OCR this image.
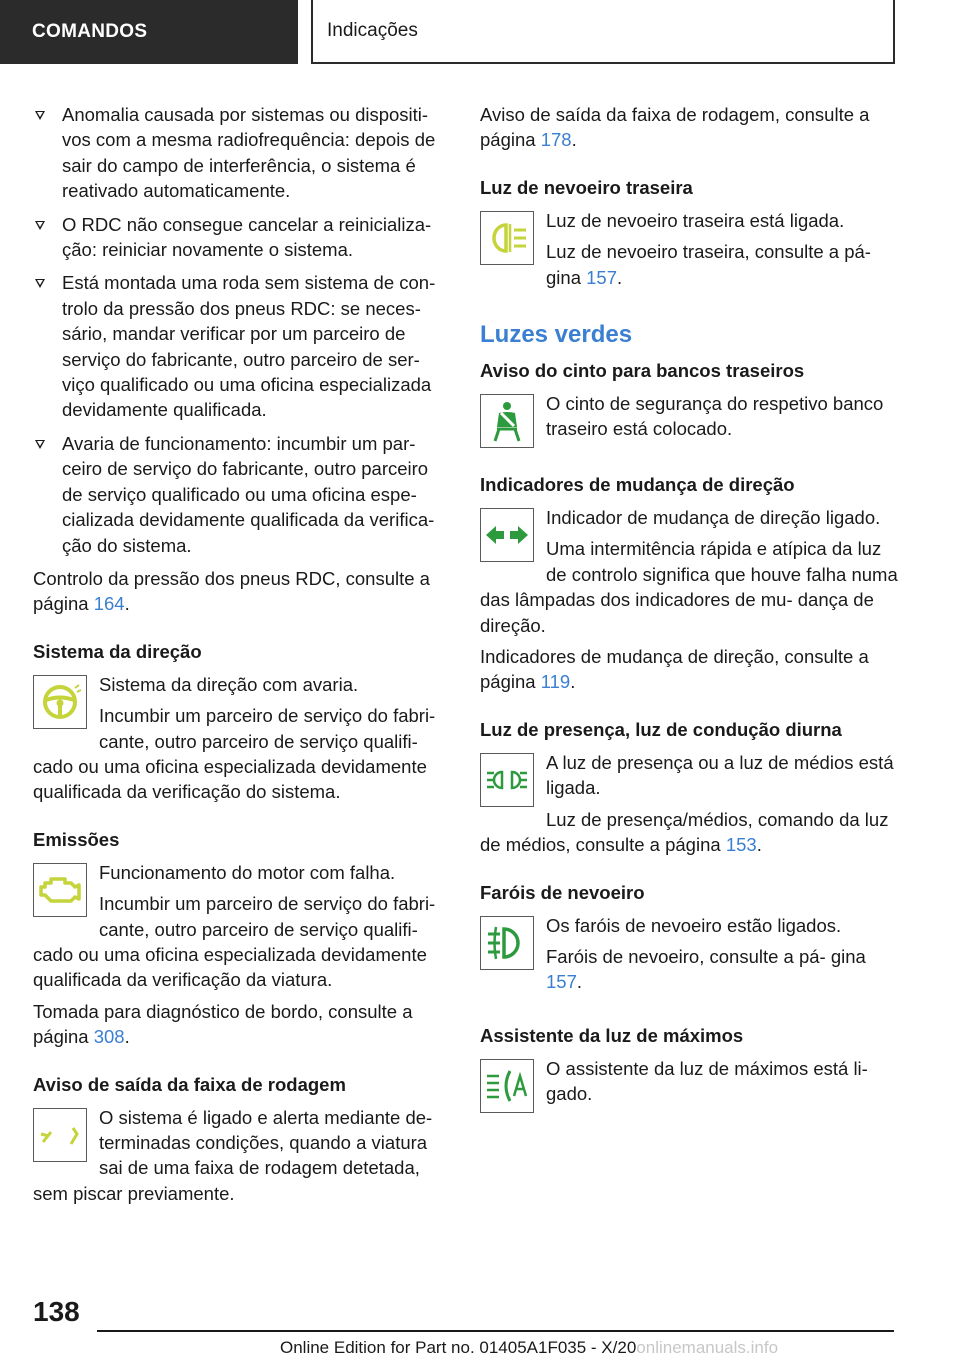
COMANDOS	Indicações
Anomalia causada por sistemas ou dispositi- vos com a mesma radiofrequência: depois de sair do campo de interferência, o sistema é reativado automaticamente.
O RDC não consegue cancelar a reinicializa- ção: reiniciar novamente o sistema.
Está montada uma roda sem sistema de con- trolo da pressão dos pneus RDC: se neces- sário, mandar verificar por um parceiro de serviço do fabricante, outro parceiro de ser- viço qualificado ou uma oficina especializada devidamente qualificada.
Avaria de funcionamento: incumbir um par- ceiro de serviço do fabricante, outro parceiro de serviço qualificado ou uma oficina espe- cializada devidamente qualificada da verifica- ção do sistema.

Controlo da pressão dos pneus RDC, consulte a página 164.

Sistema da direção

Sistema da direção com avaria.

Incumbir um parceiro de serviço do fabri- cante, outro parceiro de serviço qualifi- cado ou uma oficina especializada devidamente qualificada da verificação do sistema.

Emissões

Funcionamento do motor com falha.

Incumbir um parceiro de serviço do fabri- cante, outro parceiro de serviço qualifi- cado ou uma oficina especializada devidamente qualificada da verificação da viatura.

Tomada para diagnóstico de bordo, consulte a página 308.

Aviso de saída da faixa de rodagem

O sistema é ligado e alerta mediante de- terminadas condições, quando a viatura sai de uma faixa de rodagem detetada, sem piscar previamente.

Aviso de saída da faixa de rodagem, consulte a página 178.

Luz de nevoeiro traseira

Luz de nevoeiro traseira está ligada.

Luz de nevoeiro traseira, consulte a pá- gina 157.

Luzes verdes
Aviso do cinto para bancos traseiros

O cinto de segurança do respetivo banco traseiro está colocado.

Indicadores de mudança de direção

Indicador de mudança de direção ligado.

Uma intermitência rápida e atípica da luz de controlo significa que houve falha numa das lâmpadas dos indicadores de mu- dança de direção.

Indicadores de mudança de direção, consulte a página 119.

Luz de presença, luz de condução diurna

A luz de presença ou a luz de médios está ligada.

Luz de presença/médios, comando da luz de médios, consulte a página 153.

Faróis de nevoeiro

Os faróis de nevoeiro estão ligados.

Faróis de nevoeiro, consulte a pá- gina 157.

Assistente da luz de máximos

O assistente da luz de máximos está li- gado.

138
Online Edition for Part no. 01405A1F035 - X/20onlinemanuals.info
